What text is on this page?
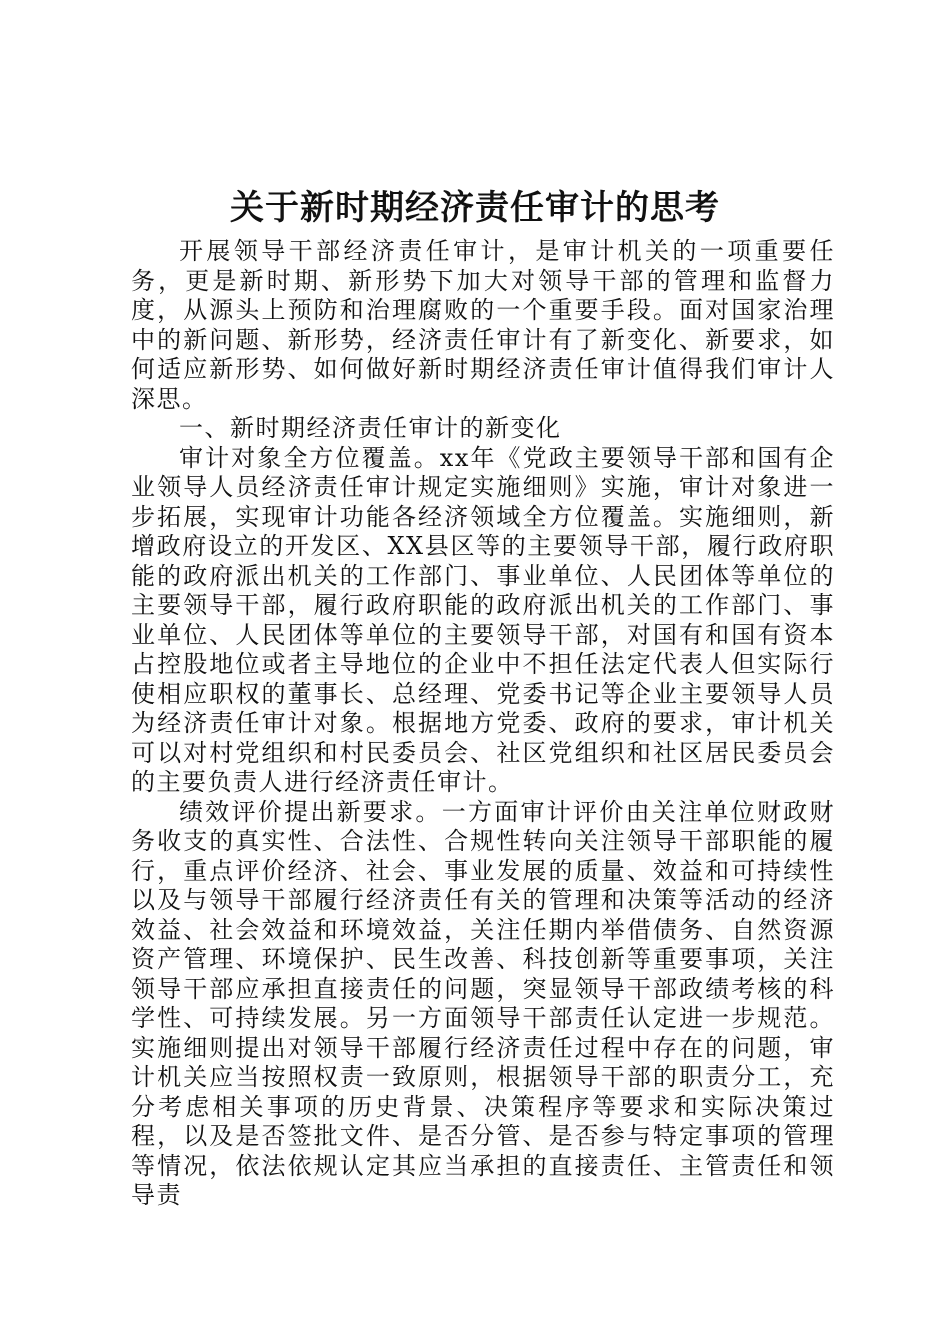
关于新时期经济责任审计的思考

开展领导干部经济责任审计，是审计机关的一项重要任务，更是新时期、新形势下加大对领导干部的管理和监督力度，从源头上预防和治理腐败的一个重要手段。面对国家治理中的新问题、新形势，经济责任审计有了新变化、新要求，如何适应新形势、如何做好新时期经济责任审计值得我们审计人深思。

一、新时期经济责任审计的新变化

审计对象全方位覆盖。xx年《党政主要领导干部和国有企业领导人员经济责任审计规定实施细则》实施，审计对象进一步拓展，实现审计功能各经济领域全方位覆盖。实施细则，新增政府设立的开发区、XX县区等的主要领导干部，履行政府职能的政府派出机关的工作部门、事业单位、人民团体等单位的主要领导干部，履行政府职能的政府派出机关的工作部门、事业单位、人民团体等单位的主要领导干部，对国有和国有资本占控股地位或者主导地位的企业中不担任法定代表人但实际行使相应职权的董事长、总经理、党委书记等企业主要领导人员为经济责任审计对象。根据地方党委、政府的要求，审计机关可以对村党组织和村民委员会、社区党组织和社区居民委员会的主要负责人进行经济责任审计。

绩效评价提出新要求。一方面审计评价由关注单位财政财务收支的真实性、合法性、合规性转向关注领导干部职能的履行，重点评价经济、社会、事业发展的质量、效益和可持续性以及与领导干部履行经济责任有关的管理和决策等活动的经济效益、社会效益和环境效益，关注任期内举借债务、自然资源资产管理、环境保护、民生改善、科技创新等重要事项，关注领导干部应承担直接责任的问题，突显领导干部政绩考核的科学性、可持续发展。另一方面领导干部责任认定进一步规范。实施细则提出对领导干部履行经济责任过程中存在的问题，审计机关应当按照权责一致原则，根据领导干部的职责分工，充分考虑相关事项的历史背景、决策程序等要求和实际决策过程，以及是否签批文件、是否分管、是否参与特定事项的管理等情况，依法依规认定其应当承担的直接责任、主管责任和领导责
